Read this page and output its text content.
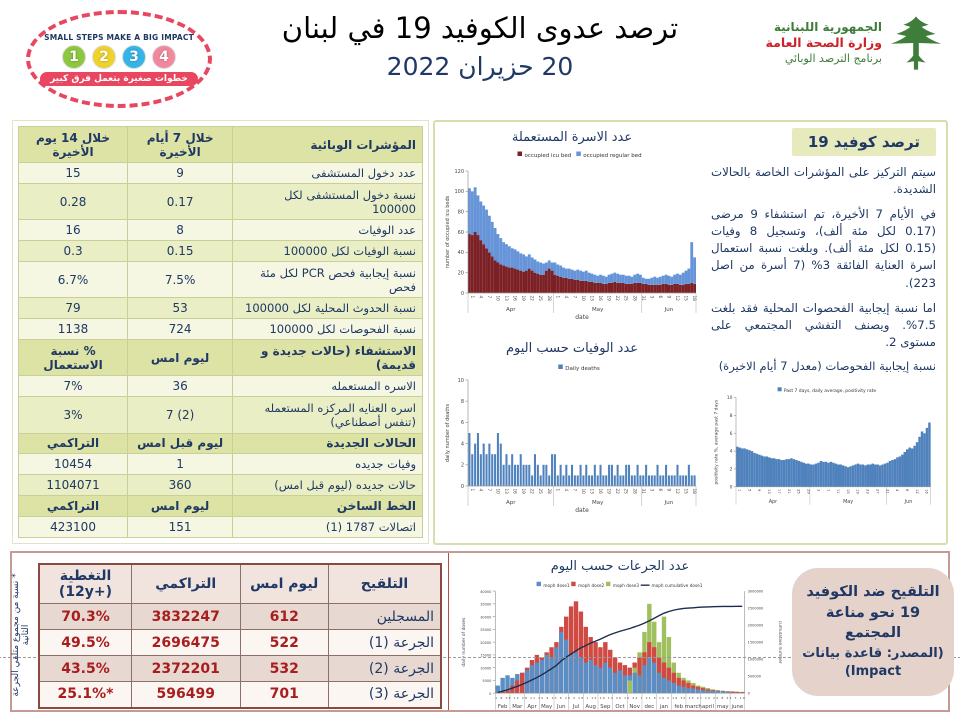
SMALL STEPS MAKE A BIG IMPACT
1	2	3	4
خطوات صغيرة بتعمل فرق كبير
ترصد عدوى الكوفيد 19 في لبنان
20 حزيران 2022
الجمهورية اللبنانية
وزارة الصحة العامة
برنامج الترصد الوبائي
المؤشرات الوبائية	خلال 7 أيام الأخيرة	خلال 14 يوم الأخيرة
عدد دخول المستشفى	9	15
نسبة دخول المستشفى لكل 100000	0.17	0.28
عدد الوفيات	8	16
نسبة الوفيات لكل 100000	0.15	0.3
نسبة إيجابية فحص PCR لكل مئة فحص	7.5%	6.7%
نسبة الحدوث المحلية لكل 100000	53	79
نسبة الفحوصات لكل 100000	724	1138
الاستشفاء (حالات جديدة و قديمة)	ليوم امس	% نسبة الاستعمال
الاسره المستعمله	36	7%
اسره العنايه المركزه المستعمله (تنفس أصطناعي)	7 (2)	3%
الحالات الجديدة	ليوم قبل امس	التراكمي
وفيات جديده	1	10454
حالات جديده (ليوم قبل امس)	360	1104071
الخط الساخن	ليوم امس	التراكمي
اتصالات 1787 (1)	151	423100
عدد الاسرة المستعملة
0
20
40
60
80
100
120
Apr
1 4 7 10 13 16 19 22 25 28
May
1 4 7 10 13 16 19 22 25 28 31
Jun
3 6 9 12 15 18
date
number of occupied icu beds
occupied icu bed occupied regular bed
عدد الوفيات حسب اليوم
0
2
4
6
8
10
Apr
1 4 7 10 13 16 19 22 25 28
May
1 4 7 10 13 16 19 22 25 28 31
Jun
3 6 9 12 15 18
date
daily number of deaths
Daily deaths
ترصد كوفيد 19

سيتم التركيز على المؤشرات الخاصة بالحالات الشديدة.

في الأيام 7 الأخيرة، تم استشفاء 9 مرضى (0.17 لكل مئة ألف)، وتسجيل 8 وفيات (0.15 لكل مئة ألف). وبلغت نسبة استعمال اسرة العناية الفائقة 3% (7 أسرة من اصل 223).

اما نسبة إيجابية الفحصوات المحلية فقد بلغت 7.5%. ويصنف التفشي المجتمعي على مستوى 2.

نسبة إيجابية الفحوصات (معدل 7 أيام الاخيرة)
0
2
4
6
8
10
Apr
1 5 9 13 17 21 25 29
May
3 7 11 15 19 23 27 31
Jun
4 8 12 16
positivity rate %, average past 7 days
Past 7 days, daily average, positivity rate
عدد الجرعات حسب اليوم
0
5000
10000
15000
20000
25000
30000
35000
40000
0
500000
1000000
1500000
2000000
2500000
3000000
Feb Mar Apr May Jun Jul Aug Sep Oct Nov dec jan feb march april may june
1 8 28 14 28 11 25 9 23 6 20 4 18 1 15 29 12 26 10 24 7 21 5 19 2 16 30 13 27 10 24 8 22 5 19
daily number of doses	cumulative number
moph dose1 moph dose2 moph dose3	moph cumulative dose1
* نسبة من مجموع متلقي الجرعة الثانية
التلقيح	ليوم امس	التراكمي	التغطية (+12y)
المسجلين	612	3832247	70.3%
الجرعة (1)	522	2696475	49.5%
الجرعة (2)	532	2372201	43.5%
الجرعة (3)	701	596499	25.1%*
التلقيح ضد الكوفيد 19 نحو مناعة المجتمع
(المصدر: قاعدة بيانات Impact)
